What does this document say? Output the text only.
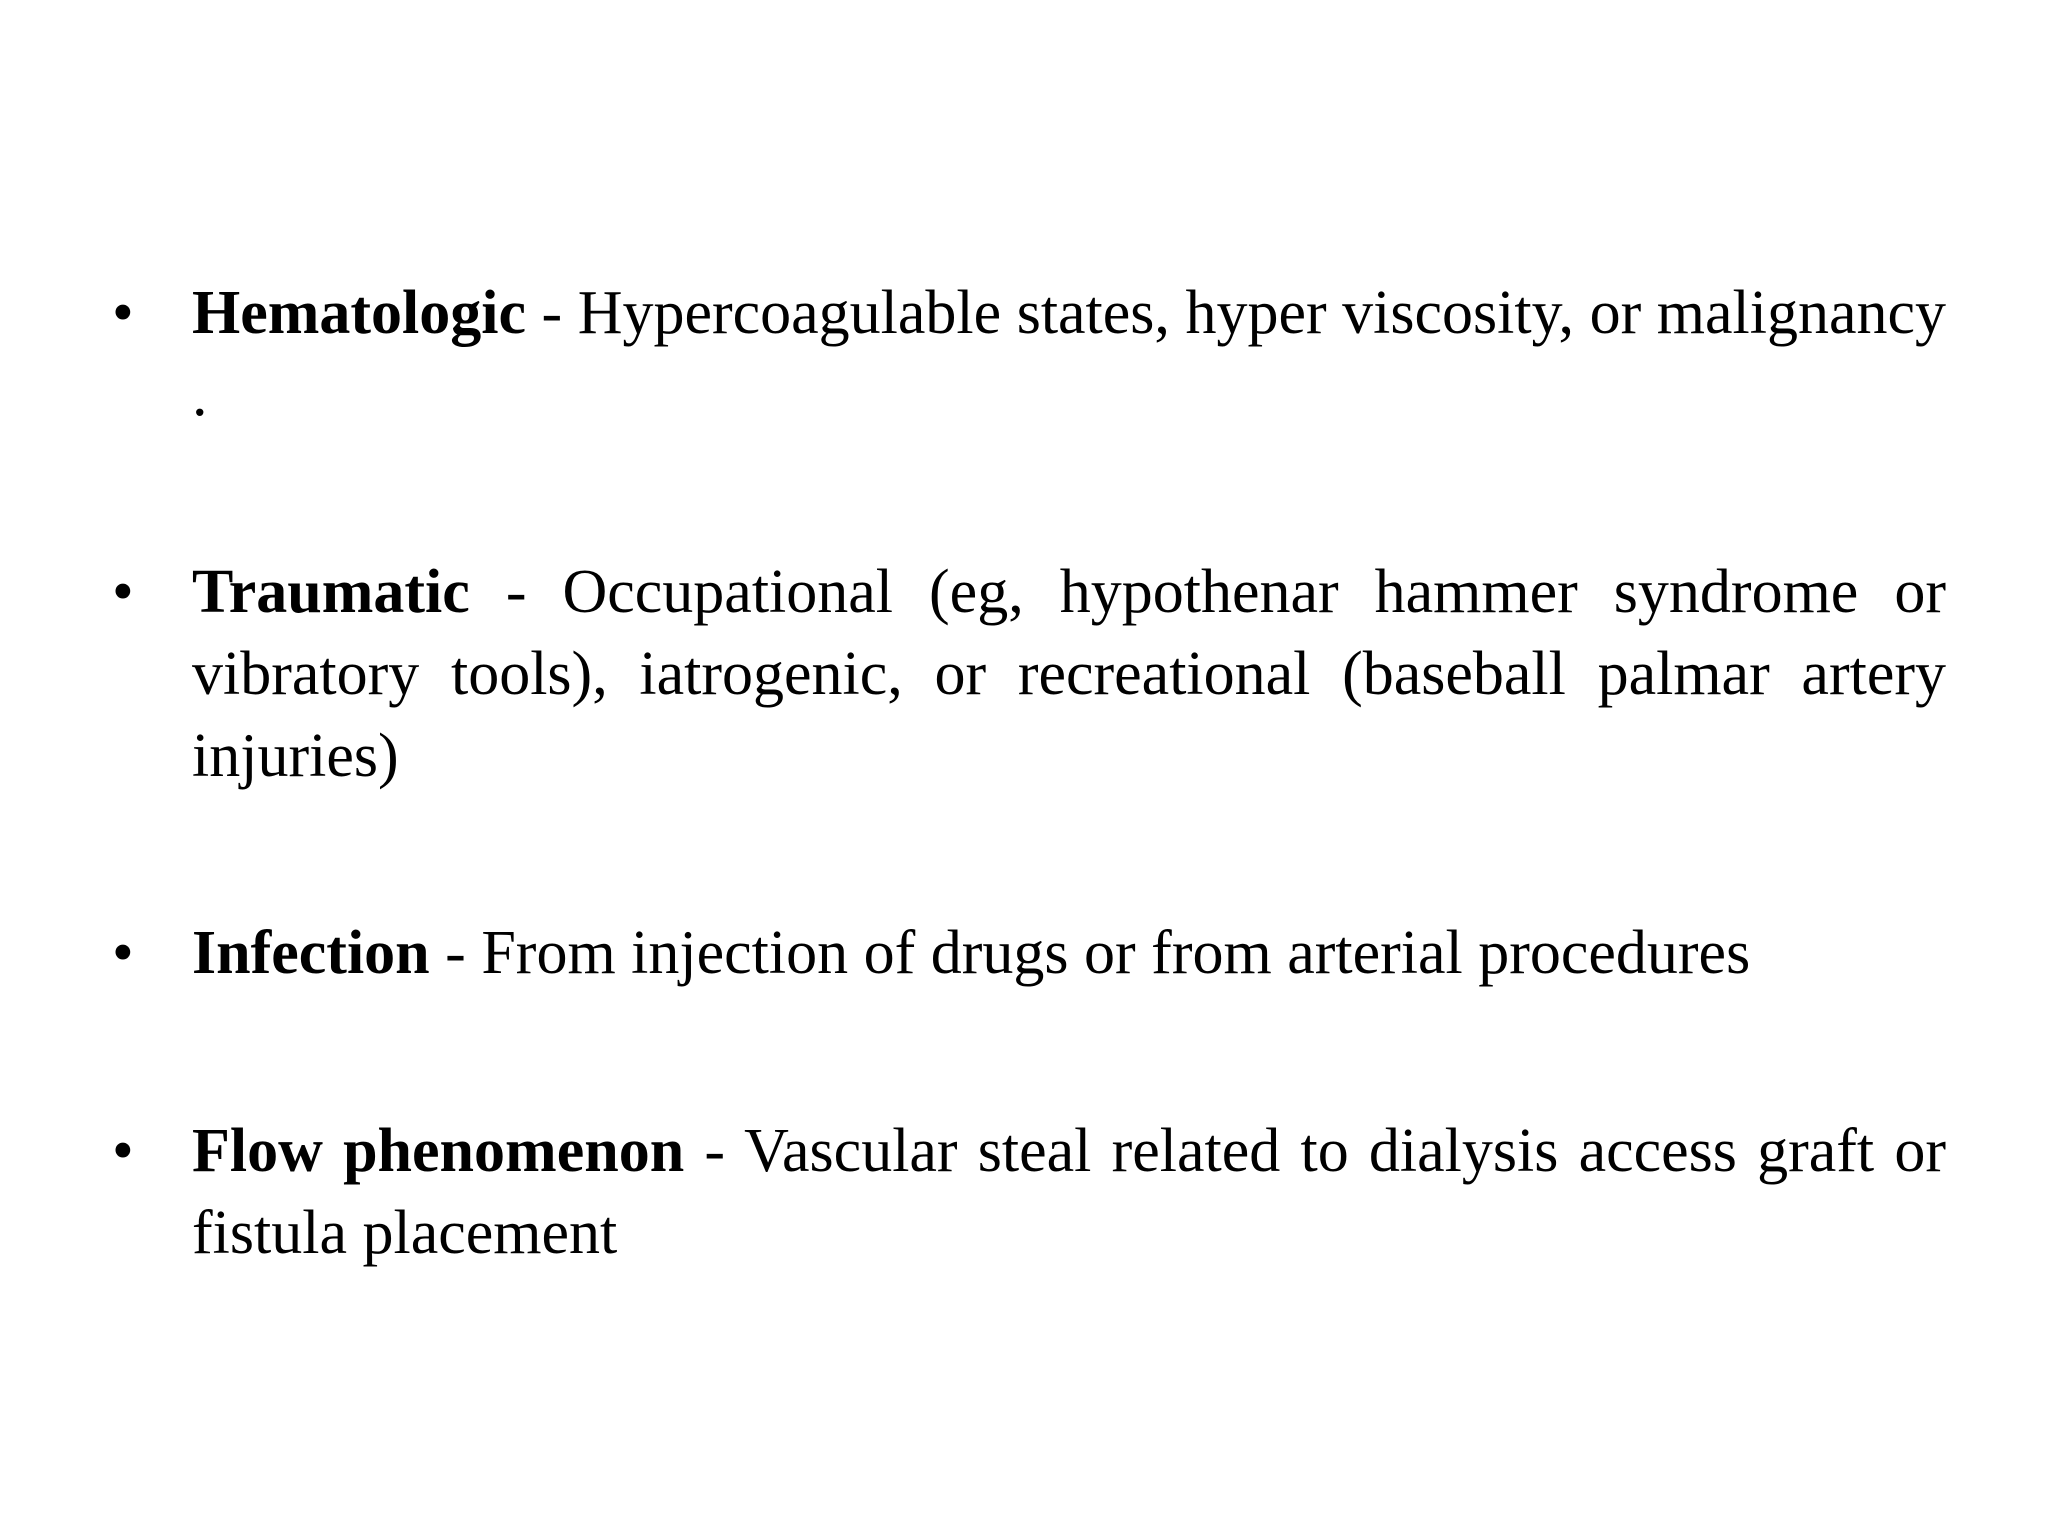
• Hematologic - Hypercoagulable states, hyper viscosity, or malignancy .

• Traumatic - Occupational (eg, hypothenar hammer syndrome or vibratory tools), iatrogenic, or recreational (baseball palmar artery injuries)

• Infection - From injection of drugs or from arterial procedures

• Flow phenomenon - Vascular steal related to dialysis access graft or fistula placement
